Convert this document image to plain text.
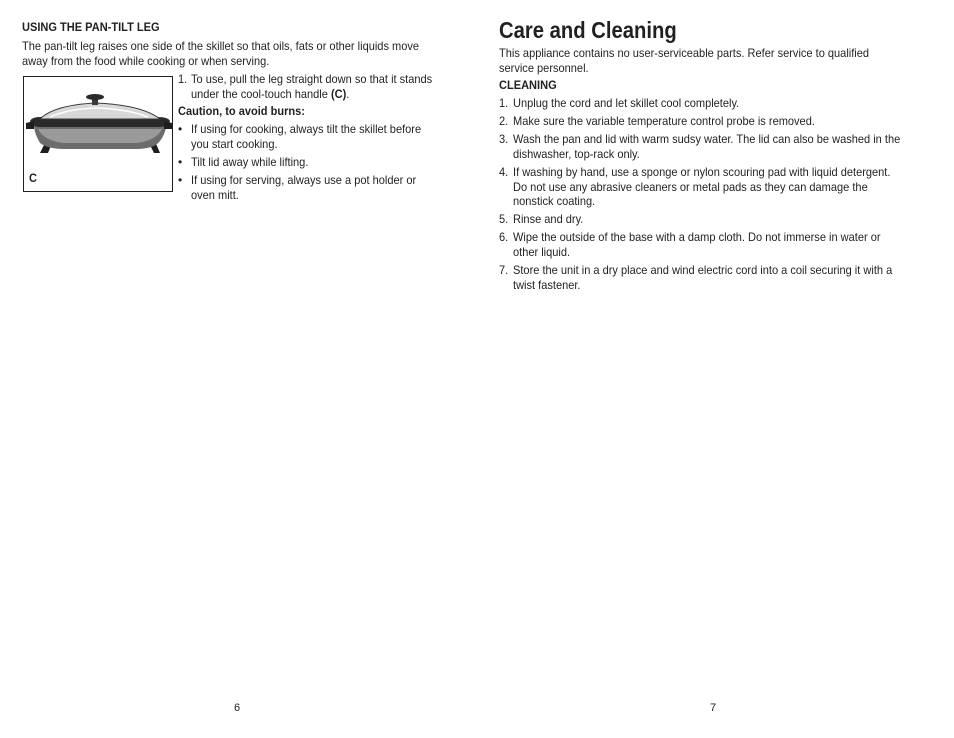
USING THE PAN-TILT LEG
The pan-tilt leg raises one side of the skillet so that oils, fats or other liquids move
away from the food while cooking or when serving.
C
1. To use, pull the leg straight down so that it stands
under the cool-touch handle (C).
Caution, to avoid burns:
• If using for cooking, always tilt the skillet before
you start cooking.
• Tilt lid away while lifting.
• If using for serving, always use a pot holder or
oven mitt.
6
Care and Cleaning
This appliance contains no user-serviceable parts. Refer service to qualified
service personnel.
CLEANING
1. Unplug the cord and let skillet cool completely.
2. Make sure the variable temperature control probe is removed.
3. Wash the pan and lid with warm sudsy water. The lid can also be washed in the
dishwasher, top-rack only.
4. If washing by hand, use a sponge or nylon scouring pad with liquid detergent.
Do not use any abrasive cleaners or metal pads as they can damage the
nonstick coating.
5. Rinse and dry.
6. Wipe the outside of the base with a damp cloth. Do not immerse in water or
other liquid.
7. Store the unit in a dry place and wind electric cord into a coil securing it with a
twist fastener.
7
